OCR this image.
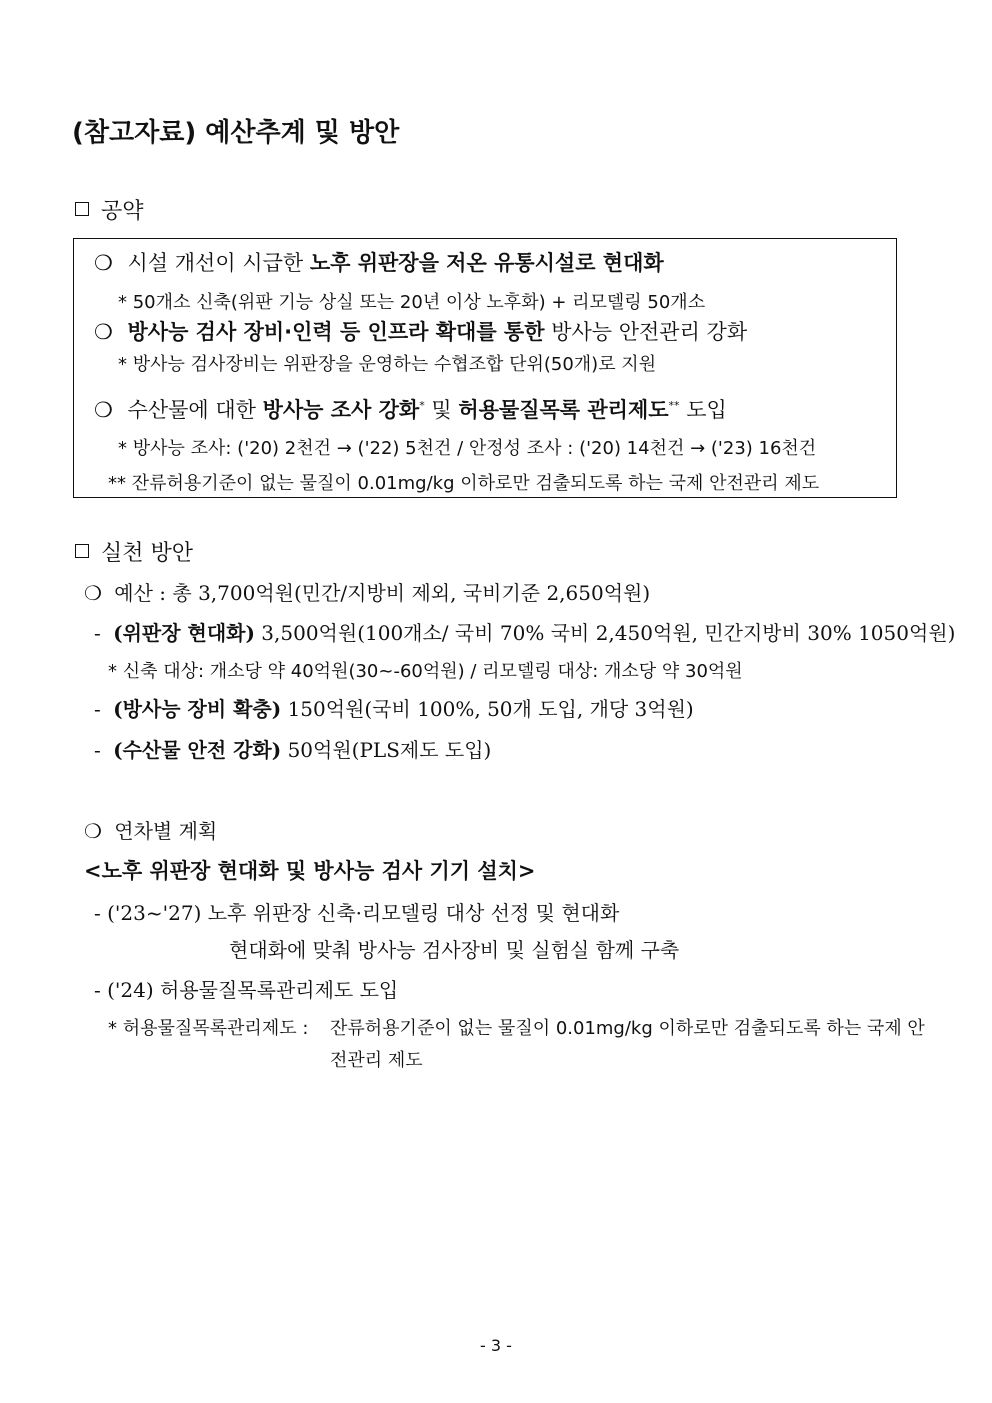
(참고자료) 예산추계 및 방안
공약
❍ 시설 개선이 시급한 노후 위판장을 저온 유통시설로 현대화
* 50개소 신축(위판 기능 상실 또는 20년 이상 노후화) + 리모델링 50개소
❍ 방사능 검사 장비·인력 등 인프라 확대를 통한 방사능 안전관리 강화
* 방사능 검사장비는 위판장을 운영하는 수협조합 단위(50개)로 지원
❍ 수산물에 대한 방사능 조사 강화* 및 허용물질목록 관리제도** 도입
* 방사능 조사: ('20) 2천건 → ('22) 5천건 / 안정성 조사 : ('20) 14천건 → ('23) 16천건
** 잔류허용기준이 없는 물질이 0.01mg/kg 이하로만 검출되도록 하는 국제 안전관리 제도
실천 방안
❍ 예산 : 총 3,700억원(민간/지방비 제외, 국비기준 2,650억원)
- (위판장 현대화) 3,500억원(100개소/ 국비 70% 국비 2,450억원, 민간지방비 30% 1050억원)
* 신축 대상: 개소당 약 40억원(30~-60억원) / 리모델링 대상: 개소당 약 30억원
- (방사능 장비 확충) 150억원(국비 100%, 50개 도입, 개당 3억원)
- (수산물 안전 강화) 50억원(PLS제도 도입)
❍ 연차별 계획
<노후 위판장 현대화 및 방사능 검사 기기 설치>
- ('23~'27) 노후 위판장 신축·리모델링 대상 선정 및 현대화
현대화에 맞춰 방사능 검사장비 및 실험실 함께 구축
- ('24) 허용물질목록관리제도 도입
* 허용물질목록관리제도 : 잔류허용기준이 없는 물질이 0.01mg/kg 이하로만 검출되도록 하는 국제 안
전관리 제도
- 3 -
